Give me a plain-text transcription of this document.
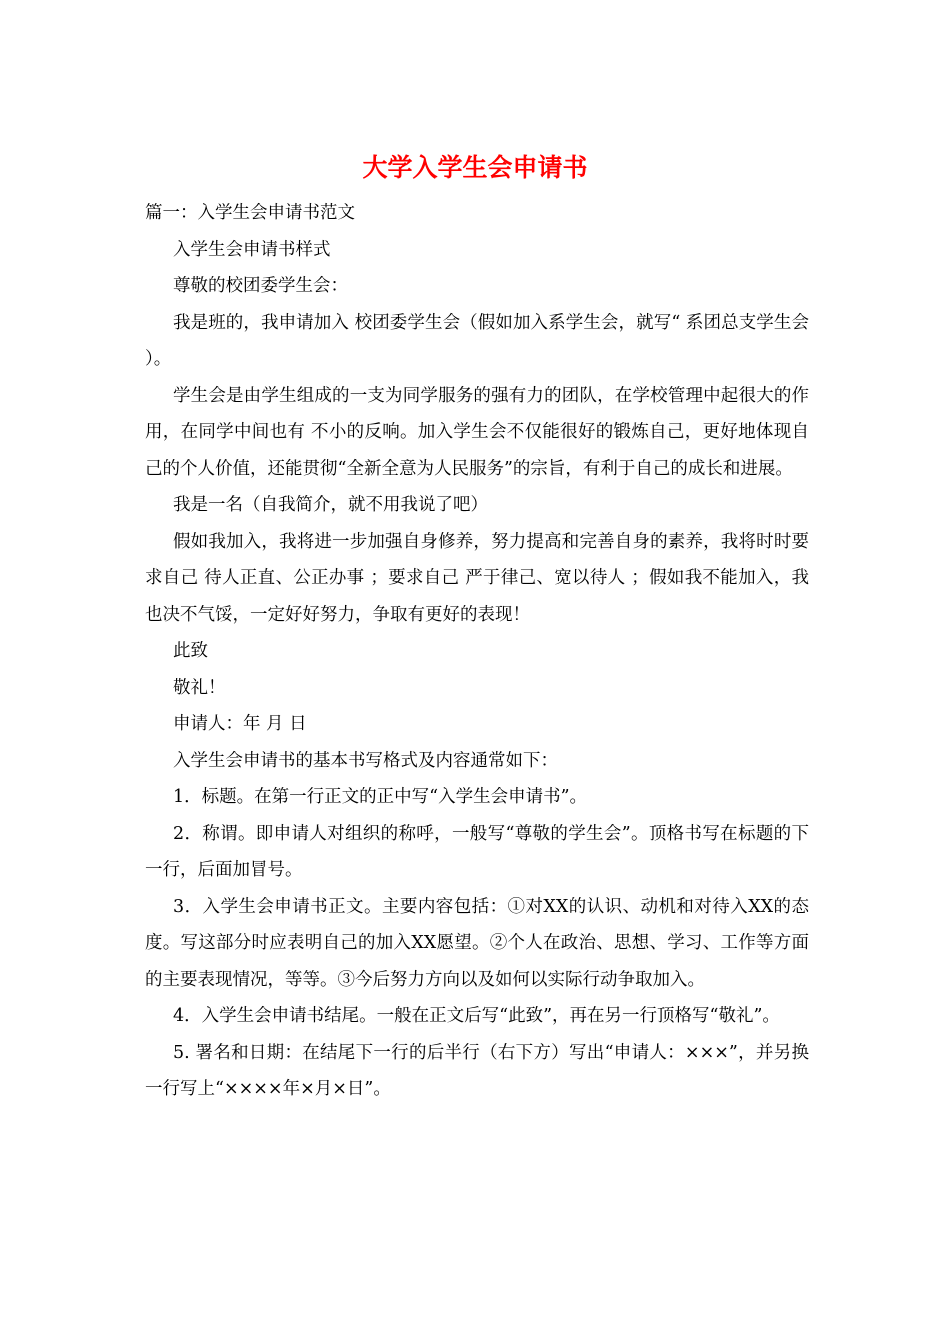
大学入学生会申请书

篇一：入学生会申请书范文

入学生会申请书样式

尊敬的校团委学生会：

我是班的，我申请加入 校团委学生会（假如加入系学生会，就写“ 系团总支学生会 ）。

学生会是由学生组成的一支为同学服务的强有力的团队，在学校管理中起很大的作用，在同学中间也有 不小的反响。加入学生会不仅能很好的锻炼自己，更好地体现自己的个人价值，还能贯彻“全新全意为人民服务”的宗旨，有利于自己的成长和进展。

我是一名（自我简介，就不用我说了吧）

假如我加入，我将进一步加强自身修养，努力提高和完善自身的素养，我将时时要求自己 待人正直、公正办事 ；要求自己 严于律己、宽以待人 ；假如我不能加入，我也决不气馁，一定好好努力，争取有更好的表现！

此致

敬礼！

申请人：年 月 日

入学生会申请书的基本书写格式及内容通常如下：

1．标题。在第一行正文的正中写“入学生会申请书”。

2．称谓。即申请人对组织的称呼，一般写“尊敬的学生会”。顶格书写在标题的下一行，后面加冒号。

3．入学生会申请书正文。主要内容包括：①对XX的认识、动机和对待入XX的态度。写这部分时应表明自己的加入XX愿望。②个人在政治、思想、学习、工作等方面的主要表现情况，等等。③今后努力方向以及如何以实际行动争取加入。

4．入学生会申请书结尾。一般在正文后写“此致”，再在另一行顶格写“敬礼”。

5. 署名和日期：在结尾下一行的后半行（右下方）写出“申请人：×××”，并另换一行写上“××××年×月×日”。
